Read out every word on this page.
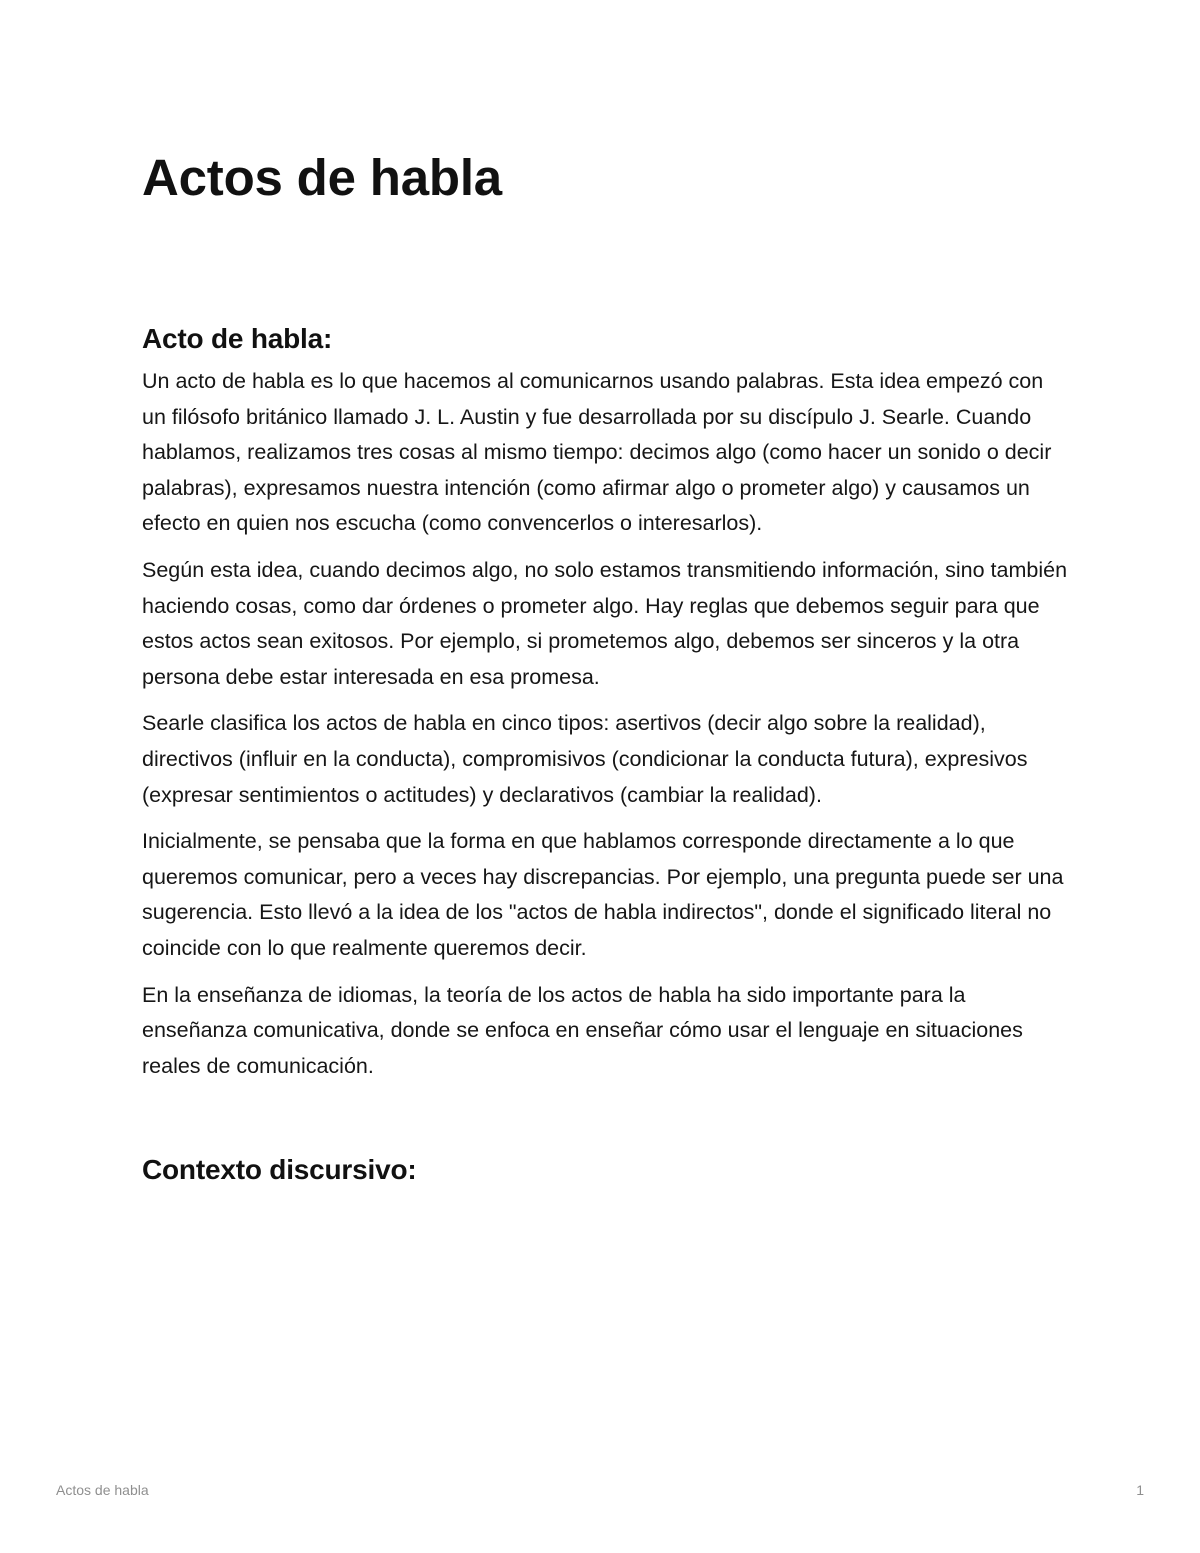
Actos de habla
Acto de habla:

Un acto de habla es lo que hacemos al comunicarnos usando palabras. Esta idea empezó con un filósofo británico llamado J. L. Austin y fue desarrollada por su discípulo J. Searle. Cuando hablamos, realizamos tres cosas al mismo tiempo: decimos algo (como hacer un sonido o decir palabras), expresamos nuestra intención (como afirmar algo o prometer algo) y causamos un efecto en quien nos escucha (como convencerlos o interesarlos).

Según esta idea, cuando decimos algo, no solo estamos transmitiendo información, sino también haciendo cosas, como dar órdenes o prometer algo. Hay reglas que debemos seguir para que estos actos sean exitosos. Por ejemplo, si prometemos algo, debemos ser sinceros y la otra persona debe estar interesada en esa promesa.

Searle clasifica los actos de habla en cinco tipos: asertivos (decir algo sobre la realidad), directivos (influir en la conducta), compromisivos (condicionar la conducta futura), expresivos (expresar sentimientos o actitudes) y declarativos (cambiar la realidad).

Inicialmente, se pensaba que la forma en que hablamos corresponde directamente a lo que queremos comunicar, pero a veces hay discrepancias. Por ejemplo, una pregunta puede ser una sugerencia. Esto llevó a la idea de los "actos de habla indirectos", donde el significado literal no coincide con lo que realmente queremos decir.

En la enseñanza de idiomas, la teoría de los actos de habla ha sido importante para la enseñanza comunicativa, donde se enfoca en enseñar cómo usar el lenguaje en situaciones reales de comunicación.

Contexto discursivo:
Actos de habla	1
